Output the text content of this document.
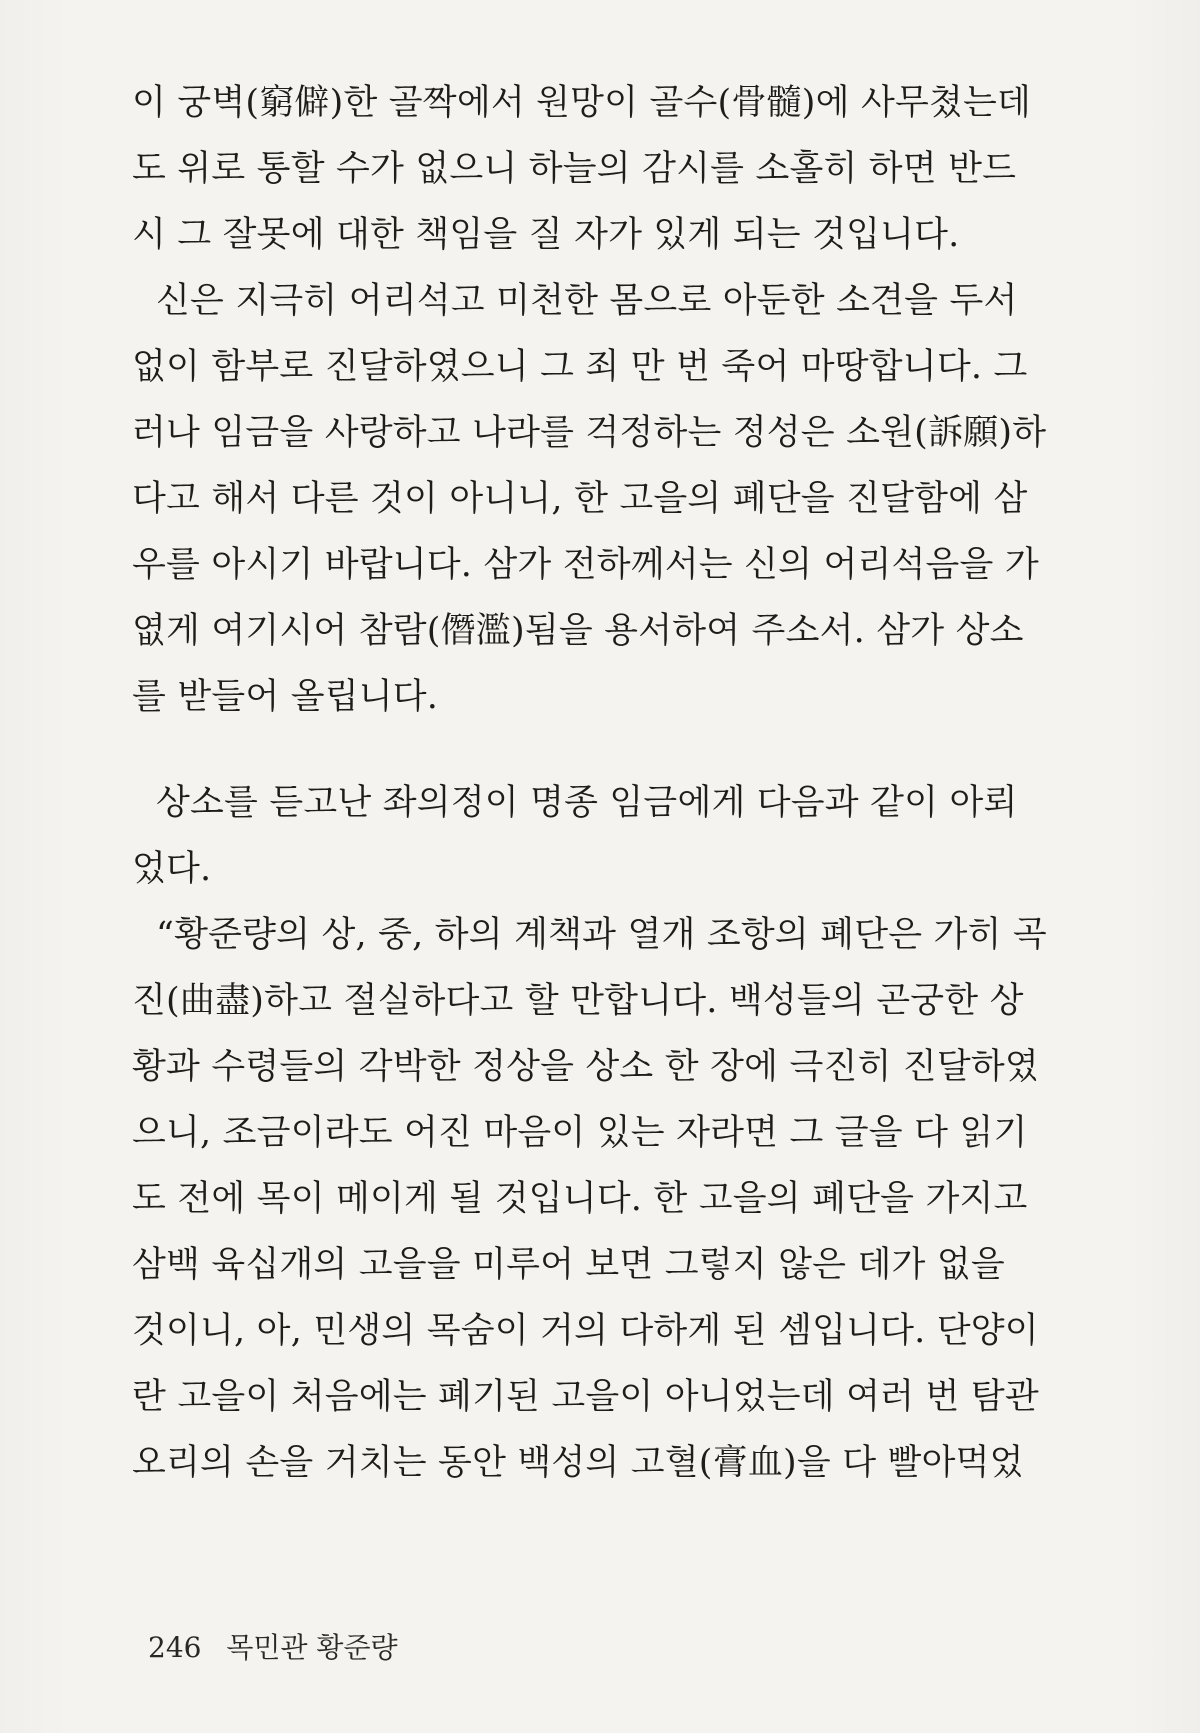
이 궁벽(窮僻)한 골짝에서 원망이 골수(骨髓)에 사무쳤는데
도 위로 통할 수가 없으니 하늘의 감시를 소홀히 하면 반드
시 그 잘못에 대한 책임을 질 자가 있게 되는 것입니다.
신은 지극히 어리석고 미천한 몸으로 아둔한 소견을 두서
없이 함부로 진달하였으니 그 죄 만 번 죽어 마땅합니다. 그
러나 임금을 사랑하고 나라를 걱정하는 정성은 소원(訴願)하
다고 해서 다른 것이 아니니, 한 고을의 폐단을 진달함에 삼
우를 아시기 바랍니다. 삼가 전하께서는 신의 어리석음을 가
엾게 여기시어 참람(僭濫)됨을 용서하여 주소서. 삼가 상소
를 받들어 올립니다.
상소를 듣고난 좌의정이 명종 임금에게 다음과 같이 아뢰
었다.
“황준량의 상, 중, 하의 계책과 열개 조항의 폐단은 가히 곡
진(曲盡)하고 절실하다고 할 만합니다. 백성들의 곤궁한 상
황과 수령들의 각박한 정상을 상소 한 장에 극진히 진달하였
으니, 조금이라도 어진 마음이 있는 자라면 그 글을 다 읽기
도 전에 목이 메이게 될 것입니다. 한 고을의 폐단을 가지고
삼백 육십개의 고을을 미루어 보면 그렇지 않은 데가 없을
것이니, 아, 민생의 목숨이 거의 다하게 된 셈입니다. 단양이
란 고을이 처음에는 폐기된 고을이 아니었는데 여러 번 탐관
오리의 손을 거치는 동안 백성의 고혈(膏血)을 다 빨아먹었
246 목민관 황준량
